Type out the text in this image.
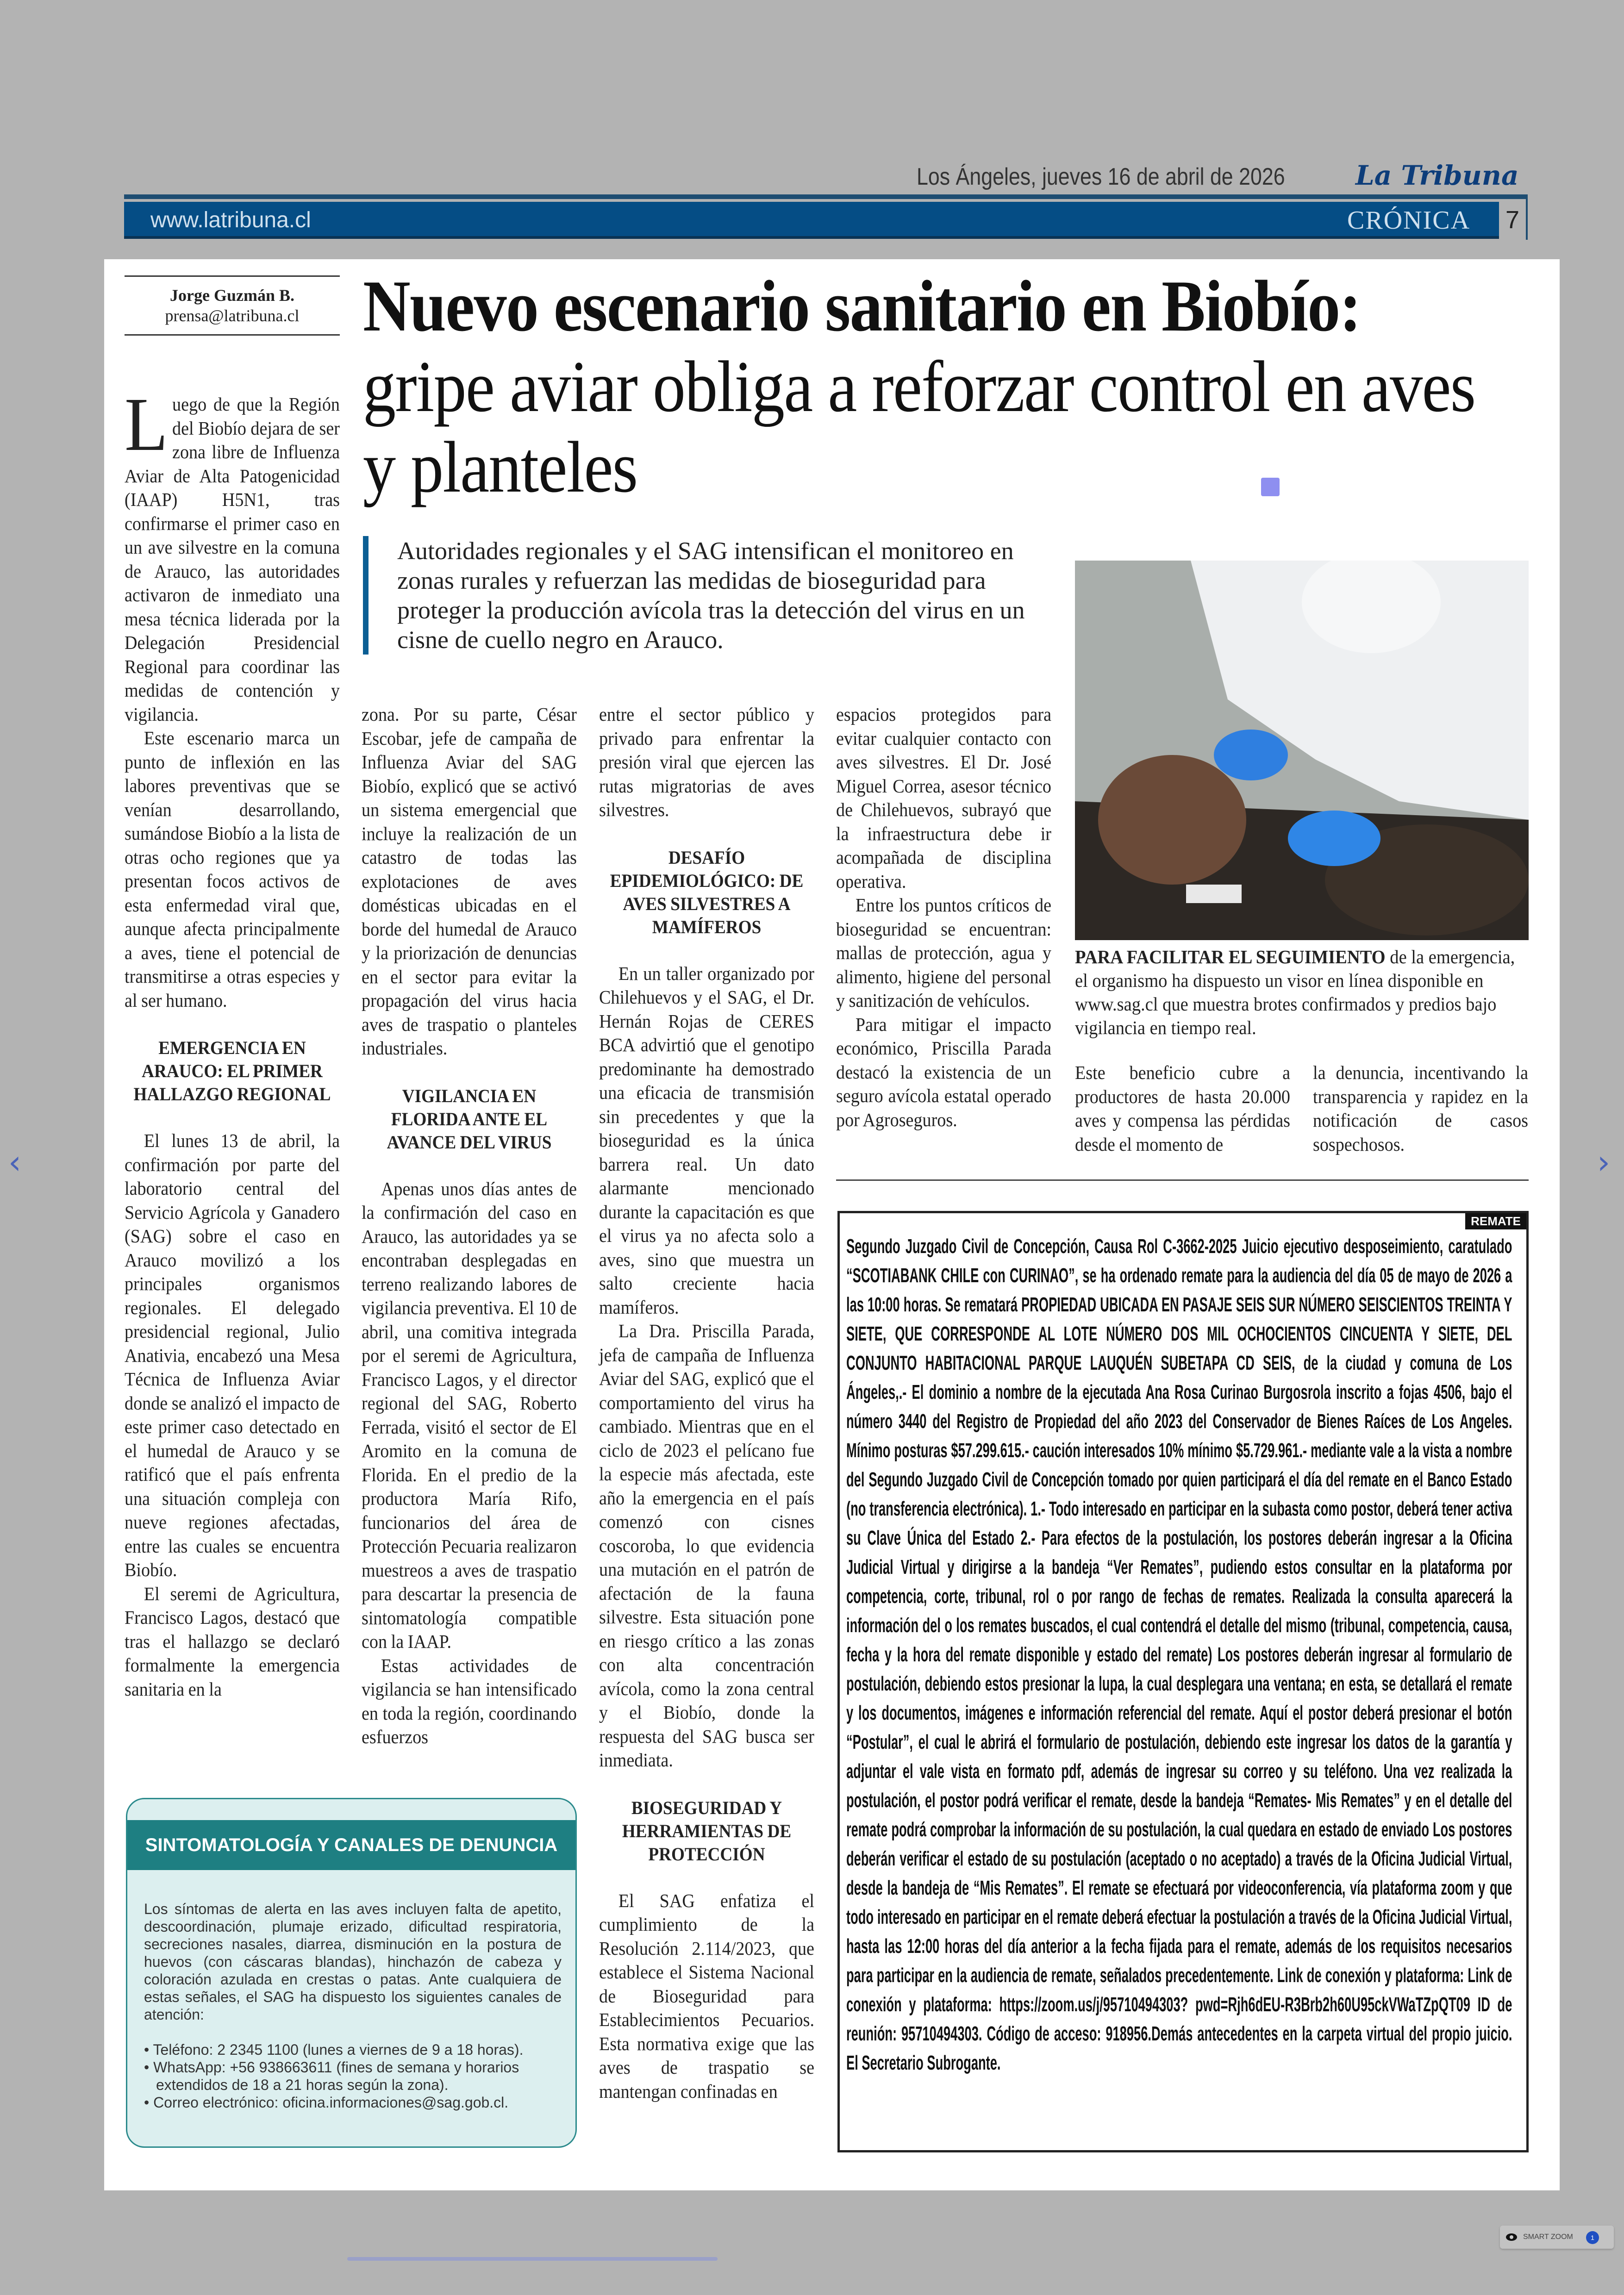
Los Ángeles, jueves 16 de abril de 2026	La Tribuna
www.latribuna.cl	CRÓNICA 7
Jorge Guzmán B.
prensa@latribuna.cl Nuevo escenario sanitario en Biobío: gripe aviar obliga a reforzar control en aves y planteles
Autoridades regionales y el SAG intensifican el monitoreo en zonas rurales y refuerzan las medidas de bioseguridad para proteger la producción avícola tras la detección del virus en un cisne de cuello negro en Arauco.

Luego de que la Región del Biobío dejara de ser zona libre de Influenza Aviar de Alta Patogenicidad (IAAP) H5N1, tras confirmarse el primer caso en un ave silvestre en la comuna de Arauco, las autoridades activaron de inmediato una mesa técnica liderada por la Delegación Presidencial Regional para coordinar las medidas de contención y vigilancia.

Este escenario marca un punto de inflexión en las labores preventivas que se venían desarrollando, sumándose Biobío a la lista de otras ocho regiones que ya presentan focos activos de esta enfermedad viral que, aunque afecta principalmente a aves, tiene el potencial de transmitirse a otras especies y al ser humano.

EMERGENCIA EN ARAUCO: EL PRIMER HALLAZGO REGIONAL

El lunes 13 de abril, la confirmación por parte del laboratorio central del Servicio Agrícola y Ganadero (SAG) sobre el caso en Arauco movilizó a los principales organismos regionales. El delegado presidencial regional, Julio Anativia, encabezó una Mesa Técnica de Influenza Aviar donde se analizó el impacto de este primer caso detectado en el humedal de Arauco y se ratificó que el país enfrenta una situación compleja con nueve regiones afectadas, entre las cuales se encuentra Biobío.

El seremi de Agricultura, Francisco Lagos, destacó que tras el hallazgo se declaró formalmente la emergencia sanitaria en la

zona. Por su parte, César Escobar, jefe de campaña de Influenza Aviar del SAG Biobío, explicó que se activó un sistema emergencial que incluye la realización de un catastro de todas las explotaciones de aves domésticas ubicadas en el borde del humedal de Arauco y la priorización de denuncias en el sector para evitar la propagación del virus hacia aves de traspatio o planteles industriales.

VIGILANCIA EN FLORIDA ANTE EL AVANCE DEL VIRUS

Apenas unos días antes de la confirmación del caso en Arauco, las autoridades ya se encontraban desplegadas en terreno realizando labores de vigilancia preventiva. El 10 de abril, una comitiva integrada por el seremi de Agricultura, Francisco Lagos, y el director regional del SAG, Roberto Ferrada, visitó el sector de El Aromito en la comuna de Florida. En el predio de la productora María Rifo, funcionarios del área de Protección Pecuaria realizaron muestreos a aves de traspatio para descartar la presencia de sintomatología compatible con la IAAP.

Estas actividades de vigilancia se han intensificado en toda la región, coordinando esfuerzos

entre el sector público y privado para enfrentar la presión viral que ejercen las rutas migratorias de aves silvestres.

DESAFÍO EPIDEMIOLÓGICO: DE AVES SILVESTRES A MAMÍFEROS

En un taller organizado por Chilehuevos y el SAG, el Dr. Hernán Rojas de CERES BCA advirtió que el genotipo predominante ha demostrado una eficacia de transmisión sin precedentes y que la bioseguridad es la única barrera real. Un dato alarmante mencionado durante la capacitación es que el virus ya no afecta solo a aves, sino que muestra un salto creciente hacia mamíferos.

La Dra. Priscilla Parada, jefa de campaña de Influenza Aviar del SAG, explicó que el comportamiento del virus ha cambiado. Mientras que en el ciclo de 2023 el pelícano fue la especie más afectada, este año la emergencia en el país comenzó con cisnes coscoroba, lo que evidencia una mutación en el patrón de afectación de la fauna silvestre. Esta situación pone en riesgo crítico a las zonas con alta concentración avícola, como la zona central y el Biobío, donde la respuesta del SAG busca ser inmediata.

BIOSEGURIDAD Y HERRAMIENTAS DE PROTECCIÓN

El SAG enfatiza el cumplimiento de la Resolución 2.114/2023, que establece el Sistema Nacional de Bioseguridad para Establecimientos Pecuarios. Esta normativa exige que las aves de traspatio se mantengan confinadas en

espacios protegidos para evitar cualquier contacto con aves silvestres. El Dr. José Miguel Correa, asesor técnico de Chilehuevos, subrayó que la infraestructura debe ir acompañada de disciplina operativa.

Entre los puntos críticos de bioseguridad se encuentran: mallas de protección, agua y alimento, higiene del personal y sanitización de vehículos.

Para mitigar el impacto económico, Priscilla Parada destacó la existencia de un seguro avícola estatal operado por Agroseguros.

PARA FACILITAR EL SEGUIMIENTO de la emergencia, el organismo ha dispuesto un visor en línea disponible en www.sag.cl que muestra brotes confirmados y predios bajo vigilancia en tiempo real.
Este beneficio cubre a productores de hasta 20.000 aves y compensa las pérdidas desde el momento de
la denuncia, incentivando la transparencia y rapidez en la notificación de casos sospechosos.
REMATE
Segundo Juzgado Civil de Concepción, Causa Rol C-3662-2025 Juicio ejecutivo desposeimiento, caratulado “SCOTIABANK CHILE con CURINAO”, se ha ordenado remate para la audiencia del día 05 de mayo de 2026 a las 10:00 horas. Se rematará PROPIEDAD UBICADA EN PASAJE SEIS SUR NÚMERO SEISCIENTOS TREINTA Y SIETE, QUE CORRESPONDE AL LOTE NÚMERO DOS MIL OCHOCIENTOS CINCUENTA Y SIETE, DEL CONJUNTO HABITACIONAL PARQUE LAUQUÉN SUBETAPA CD SEIS, de la ciudad y comuna de Los Ángeles,.- El dominio a nombre de la ejecutada Ana Rosa Curinao Burgosrola inscrito a fojas 4506, bajo el número 3440 del Registro de Propiedad del año 2023 del Conservador de Bienes Raíces de Los Angeles. Mínimo posturas $57.299.615.- caución interesados 10% mínimo $5.729.961.- mediante vale a la vista a nombre del Segundo Juzgado Civil de Concepción tomado por quien participará el día del remate en el Banco Estado (no transferencia electrónica). 1.- Todo interesado en participar en la subasta como postor, deberá tener activa su Clave Única del Estado 2.- Para efectos de la postulación, los postores deberán ingresar a la Oficina Judicial Virtual y dirigirse a la bandeja “Ver Remates”, pudiendo estos consultar en la plataforma por competencia, corte, tribunal, rol o por rango de fechas de remates. Realizada la consulta aparecerá la información del o los remates buscados, el cual contendrá el detalle del mismo (tribunal, competencia, causa, fecha y la hora del remate disponible y estado del remate) Los postores deberán ingresar al formulario de postulación, debiendo estos presionar la lupa, la cual desplegara una ventana; en esta, se detallará el remate y los documentos, imágenes e información referencial del remate. Aquí el postor deberá presionar el botón “Postular”, el cual le abrirá el formulario de postulación, debiendo este ingresar los datos de la garantía y adjuntar el vale vista en formato pdf, además de ingresar su correo y su teléfono. Una vez realizada la postulación, el postor podrá verificar el remate, desde la bandeja “Remates- Mis Remates” y en el detalle del remate podrá comprobar la información de su postulación, la cual quedara en estado de enviado Los postores deberán verificar el estado de su postulación (aceptado o no aceptado) a través de la Oficina Judicial Virtual, desde la bandeja de “Mis Remates”. El remate se efectuará por videoconferencia, vía plataforma zoom y que todo interesado en participar en el remate deberá efectuar la postulación a través de la Oficina Judicial Virtual, hasta las 12:00 horas del día anterior a la fecha fijada para el remate, además de los requisitos necesarios para participar en la audiencia de remate, señalados precedentemente. Link de conexión y plataforma: Link de conexión y plataforma: https://zoom.us/j/95710494303? pwd=Rjh6dEU-R3Brb2h60U95ckVWaTZpQT09 ID de reunión: 95710494303. Código de acceso: 918956.Demás antecedentes en la carpeta virtual del propio juicio. El Secretario Subrogante.
SINTOMATOLOGÍA Y CANALES DE DENUNCIA

Los síntomas de alerta en las aves incluyen falta de apetito, descoordinación, plumaje erizado, dificultad respiratoria, secreciones nasales, diarrea, disminución en la postura de huevos (con cáscaras blandas), hinchazón de cabeza y coloración azulada en crestas o patas. Ante cualquiera de estas señales, el SAG ha dispuesto los siguientes canales de atención:

• Teléfono: 2 2345 1100 (lunes a viernes de 9 a 18 horas).
• WhatsApp: +56 938663611 (fines de semana y horarios extendidos de 18 a 21 horas según la zona).
• Correo electrónico: oficina.informaciones@sag.gob.cl.
‹	›
SMART ZOOM	1
